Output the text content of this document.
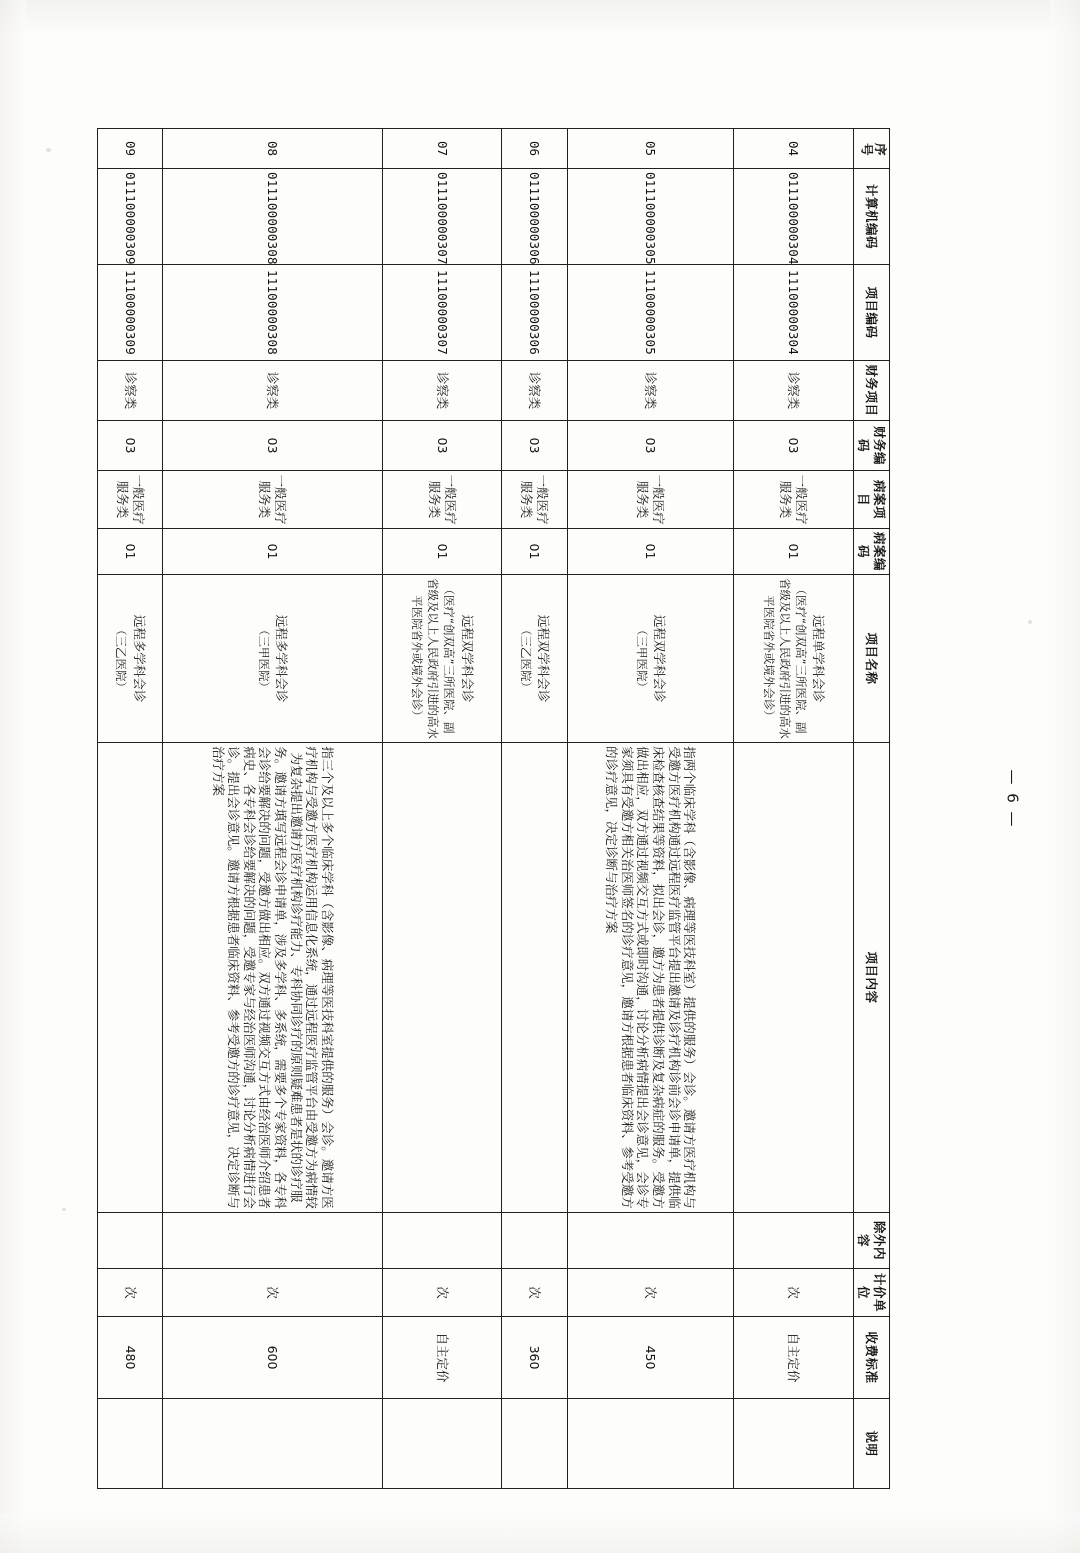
序号	计算机编码	项目编码	财务项目	财务编码	病案项目	病案编码	项目名称	项目内容	除外内容	计价单位	收费标准	说明
04	011100000304	11100000304	诊察类	03	一般医疗服务类	01	远程单学科会诊
（医疗“创双高”三所医院、副省级及以上人民政府引进的高水平医院省外或境外会诊）			次	自主定价	
05	011100000305	11100000305	诊察类	03	一般医疗服务类	01	远程双学科会诊
（三甲医院）	指两个临床学科（含影像、病理等医技科室）提供的服务）会诊。邀请方医疗机构与受邀方医疗机构通过远程医疗监管平台提出邀请及诊疗机构诊前会诊申请单，提供临床检查核查结果等资料，拟出会诊，邀方为患者提供诊断及复杂病症的服务。受邀方做出相应，双方通过视频交互方式或即时沟通，讨论分析病情提出会诊意见，会诊专家须具有受邀方相关治医师签名的诊疗意见，邀请方根据患者临床资料、参考受邀方的诊疗意见，决定诊断与治疗方案		次	450	
06	011100000306	11100000306	诊察类	03	一般医疗服务类	01	远程双学科会诊
（三乙医院）			次	360	
07	011100000307	11100000307	诊察类	03	一般医疗服务类	01	远程双学科会诊
（医疗“创双高”三所医院、副省级及以上人民政府引进的高水平医院省外或境外会诊）			次	自主定价	
08	011100000308	11100000308	诊察类	03	一般医疗服务类	01	远程多学科会诊
（三甲医院）	指三个及以上多个临床学科（含影像、病理等医技科室提供的服务）会诊。邀请方医疗机构与受邀方医疗机构运用信息化系统，通过远程医疗监管平台由受邀方为病情较为复杂提出邀请方医疗机构诊疗能力、专科协同诊疗的原则疑难患者是状的诊疗服务。邀请方填写远程会诊申请单，涉及多学科、多系统，需要多个专家资料，各专科会诊给要解决的问题，受邀方做出相应。双方通过视频交互方式由经治医师介绍患者病史、各专科会诊给要解决的问题，受邀专家与经治医师沟通，讨论分析病情进行会诊。提出会诊意见。邀请方根据患者临床资料、参考受邀方的诊疗意见，决定诊断与治疗方案		次	600	
09	011100000309	11100000309	诊察类	03	一般医疗服务类	01	远程多学科会诊
（三乙医院）			次	480	
— 6 —
